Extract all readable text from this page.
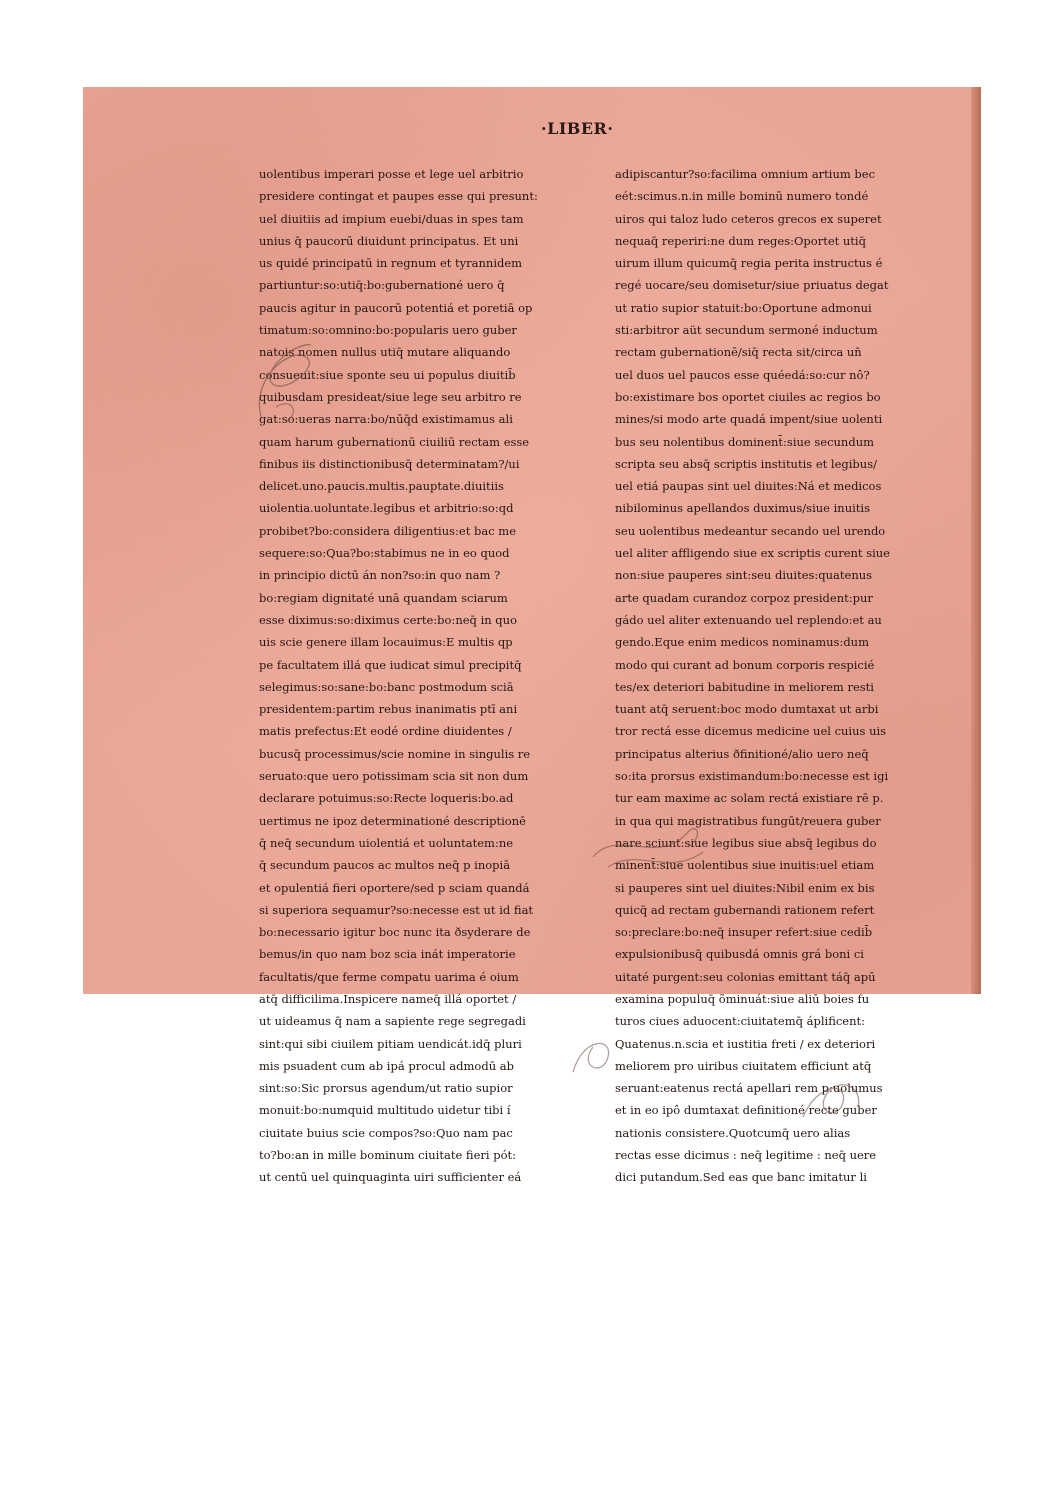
·LIBER·
uolentibus imperari posse et lege uel arbitrio
presidere contingat et paupes esse qui presunt:
uel diuitiis ad impium euebi/duas in spes tam
unius q̄ paucorū diuidunt principatus. Et uni
us quidé principatū in regnum et tyrannidem
partiuntur:so:utiq̄:bo:gubernationé uero q̄
paucis agitur in paucorū potentiá et poretiā op
timatum:so:omnino:bo:popularis uero guber
natois nomen nullus utiq̄ mutare aliquando
consueuit:siue sponte seu ui populus diuitib̄
quibusdam presideat/siue lege seu arbitro re
gat:so:ueras narra:bo/nūq̄d existimamus ali
quam harum gubernationū ciuiliū rectam esse
finibus iis distinctionibusq̄ determinatam?/ui
delicet.uno.paucis.multis.pauptate.diuitiis
uiolentia.uoluntate.legibus et arbitrio:so:qd
probibet?bo:considera diligentius:et bac me
sequere:so:Qua?bo:stabimus ne in eo quod
in principio dictū án non?so:in quo nam ?
bo:regiam dignitaté unā quandam sciarum
esse diximus:so:diximus certe:bo:neq̄ in quo
uis scie genere illam locauimus:E multis qp
pe facultatem illá que iudicat simul precipitq̄
selegimus:so:sane:bo:banc postmodum sciā
presidentem:partim rebus inanimatis ptī ani
matis prefectus:Et eodé ordine diuidentes /
bucusq̄ processimus/scie nomine in singulis re
seruato:que uero potissimam scia sit non dum
declarare potuimus:so:Recte loqueris:bo.ad
uertimus ne ipoz determinationé descriptionē
q̄ neq̄ secundum uiolentiá et uoluntatem:ne
q̄ secundum paucos ac multos neq̄ p inopiā
et opulentiá fieri oportere/sed p sciam quandá
si superiora sequamur?so:necesse est ut id fiat
bo:necessario igitur boc nunc ita ðsyderare de
bemus/in quo nam boz scia inát imperatorie
facultatis/que ferme compatu uarima é oium
atq̄ difficilima.Inspicere nameq̄ illá oportet /
ut uideamus q̄ nam a sapiente rege segregadi
sint:qui sibi ciuilem pitiam uendicát.idq̄ pluri
mis psuadent cum ab ipá procul admodū ab
sint:so:Sic prorsus agendum/ut ratio supior
monuit:bo:numquid multitudo uidetur tibi í
ciuitate buius scie compos?so:Quo nam pac
to?bo:an in mille bominum ciuitate fieri pót:
ut centū uel quinquaginta uiri sufficienter eá
adipiscantur?so:facilima omnium artium bec
eét:scimus.n.in mille bominū numero tondé
uiros qui taloz ludo ceteros grecos ex superet
nequaq̄ reperiri:ne dum reges:Oportet utiq̄
uirum illum quicumq̄ regia perita instructus é
regé uocare/seu domisetur/siue priuatus degat
ut ratio supior statuit:bo:Oportune admonui
sti:arbitror aüt secundum sermoné inductum
rectam gubernationē/siq̄ recta sit/circa un̄
uel duos uel paucos esse quéedá:so:cur nô?
bo:existimare bos oportet ciuiles ac regios bo
mines/si modo arte quadá impent/siue uolenti
bus seu nolentibus dominent̄:siue secundum
scripta seu absq̄ scriptis institutis et legibus/
uel etiá paupas sint uel diuites:Ná et medicos
nibilominus apellandos duximus/siue inuitis
seu uolentibus medeantur secando uel urendo
uel aliter affligendo siue ex scriptis curent siue
non:siue pauperes sint:seu diuites:quatenus
arte quadam curandoz corpoz president:pur
gádo uel aliter extenuando uel replendo:et au
gendo.Eque enim medicos nominamus:dum
modo qui curant ad bonum corporis respicié
tes/ex deteriori babitudine in meliorem resti
tuant atq̄ seruent:boc modo dumtaxat ut arbi
tror rectá esse dicemus medicine uel cuius uis
principatus alterius ðfinitioné/alio uero neq̄
so:ita prorsus existimandum:bo:necesse est igi
tur eam maxime ac solam rectá existiare rē p.
in qua qui magistratibus fungūt/reuera guber
nare sciunt:siue legibus siue absq̄ legibus do
minent̄:siue uolentibus siue inuitis:uel etiam
si pauperes sint uel diuites:Nibil enim ex bis
quicq̄ ad rectam gubernandi rationem refert
so:preclare:bo:neq̄ insuper refert:siue cedib̄
expulsionibusq̄ quibusdá omnis grá boni ci
uitaté purgent:seu colonias emittant táq̄ apū
examina populuq̄ õminuát:siue aliū boies fu
turos ciues aduocent:ciuitatemq̄ áplificent:
Quatenus.n.scia et iustitia freti / ex deteriori
meliorem pro uiribus ciuitatem efficiunt atq̄
seruant:eatenus rectá apellari rem p:uolumus
et in eo ipô dumtaxat definitioné recte guber
nationis consistere.Quotcumq̄ uero alias
rectas esse dicimus : neq̄ legitime : neq̄ uere
dici putandum.Sed eas que banc imitatur li
